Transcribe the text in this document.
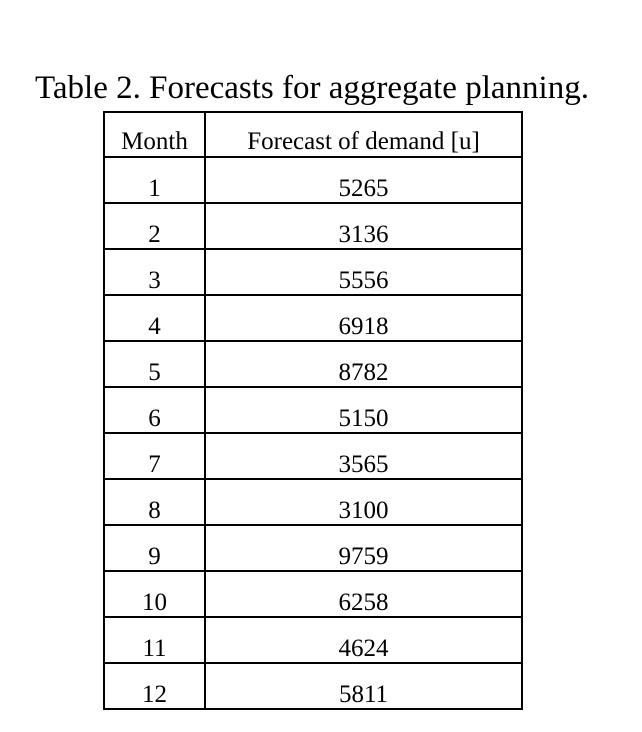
Table 2. Forecasts for aggregate planning.
Month	Forecast of demand [u]
1	5265
2	3136
3	5556
4	6918
5	8782
6	5150
7	3565
8	3100
9	9759
10	6258
11	4624
12	5811
